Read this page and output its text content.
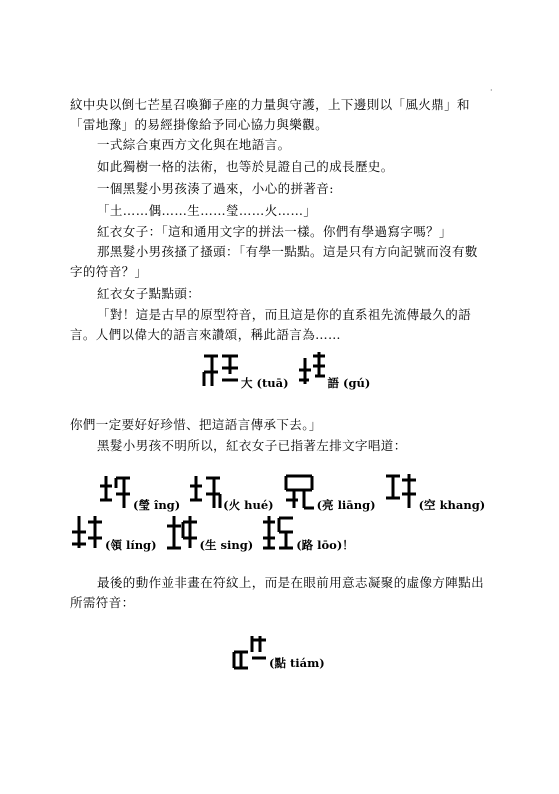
·

紋中央以倒七芒星召喚獅子座的力量與守護，上下邊則以「風火鼎」和「雷地豫」的易經掛像給予同心協力與樂觀。

一式綜合東西方文化與在地語言。

如此獨樹一格的法術，也等於見證自己的成長歷史。

一個黑髮小男孩湊了過來，小心的拼著音:

「土……偶……生……瑩……火……」

紅衣女子：「這和通用文字的拼法一樣。你們有學過寫字嗎？」

那黑髮小男孩搔了搔頭：「有學一點點。這是只有方向記號而沒有數字的符音？」

紅衣女子點點頭：

「對！這是古早的原型符音，而且這是你的直系祖先流傳最久的語言。人們以偉大的語言來讚頌，稱此語言為……

大 (tuā)	語 (gú)

你們一定要好好珍惜、把這語言傳承下去。」

黑髮小男孩不明所以，紅衣女子已指著左排文字唱道：

(瑩 îng)	(火 hué)	(亮 liāng)	(空 khang)
(領 líng)	(生 sing)	(路 lōo)！

最後的動作並非畫在符紋上，而是在眼前用意志凝聚的虛像方陣點出所需符音：

(點 tiám)
